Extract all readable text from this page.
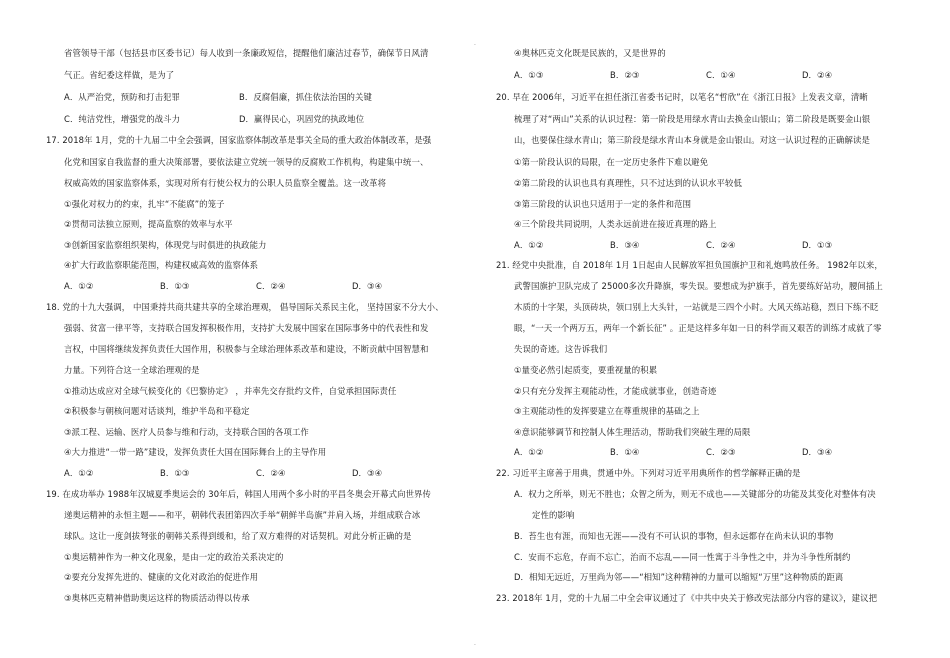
省管领导干部（包括县市区委书记）每人收到一条廉政短信，提醒他们廉洁过春节，确保节日风清
气正。省纪委这样做，是为了
A．从严治党，预防和打击犯罪	B．反腐倡廉，抓住依法治国的关键
C．纯洁党性，增强党的战斗力	D．赢得民心，巩固党的执政地位
17. 2018年 1月，党的十九届二中全会强调，国家监察体制改革是事关全局的重大政治体制改革，是强
化党和国家自我监督的重大决策部署，要依法建立党统一领导的反腐败工作机构，构建集中统一、
权威高效的国家监察体系，实现对所有行使公权力的公职人员监察全覆盖。这一改革将
①强化对权力的约束，扎牢“不能腐”的笼子
②贯彻司法独立原则，提高监察的效率与水平
③创新国家监察组织架构，体现党与时俱进的执政能力
④扩大行政监察职能范围，构建权威高效的监察体系
A．①②	B．①③	C．②④	D．③④
18. 党的十九大强调， 中国秉持共商共建共享的全球治理观， 倡导国际关系民主化， 坚持国家不分大小、
强弱、贫富一律平等，支持联合国发挥积极作用，支持扩大发展中国家在国际事务中的代表性和发
言权，中国将继续发挥负责任大国作用，积极参与全球治理体系改革和建设，不断贡献中国智慧和
力量。下列符合这一全球治理观的是
①推动达成应对全球气候变化的《巴黎协定》 ，并率先交存批约文件，自觉承担国际责任
②积极参与朝核问题对话谈判，维护半岛和平稳定
③派工程、运输、医疗人员参与维和行动，支持联合国的各项工作
④大力推进“一带一路”建设，发挥负责任大国在国际舞台上的主导作用
A．①②	B．①③	C．②④	D．③④
19. 在成功举办 1988年汉城夏季奥运会的 30年后，韩国人用两个多小时的平昌冬奥会开幕式向世界传
递奥运精神的永恒主题——和平，朝韩代表团第四次手举“朝鲜半岛旗”并肩入场，并组成联合冰
球队。这让一度剑拔弩张的朝韩关系得到缓和，给了双方难得的对话契机。对此分析正确的是
①奥运精神作为一种文化现象，是由一定的政治关系决定的
②要充分发挥先进的、健康的文化对政治的促进作用
③奥林匹克精神借助奥运这样的物质活动得以传承
④奥林匹克文化既是民族的，又是世界的
A．①③	B．②③	C．①④	D．②④
20. 早在 2006年，习近平在担任浙江省委书记时，以笔名“哲欣”在《浙江日报》上发表文章，清晰
梳理了对“两山”关系的认识过程：第一阶段是用绿水青山去换金山银山；第二阶段是既要金山银
山，也要保住绿水青山；第三阶段是绿水青山本身就是金山银山。对这一认识过程的正确解读是
①第一阶段认识的局限，在一定历史条件下难以避免
②第二阶段的认识也具有真理性，只不过达到的认识水平较低
③第三阶段的认识也只适用于一定的条件和范围
④三个阶段共同说明，人类永远前进在接近真理的路上
A．①②	B．③④	C．②④	D．①③
21. 经党中央批准，自 2018年 1月 1日起由人民解放军担负国旗护卫和礼炮鸣放任务。 1982年以来，
武警国旗护卫队完成了 25000多次升降旗，零失误。要想成为护旗手，首先要练好站功，腰间插上
木质的十字架，头顶砖块，领口别上大头针，一站就是三四个小时。大风天练站稳，烈日下练不眨
眼，“一天一个两万五，两年一个新长征” 。正是这样多年如一日的科学而又艰苦的训练才成就了零
失误的奇迹。这告诉我们
①量变必然引起质变，要重视量的积累
②只有充分发挥主观能动性，才能成就事业，创造奇迹
③主观能动性的发挥要建立在尊重规律的基础之上
④意识能够调节和控制人体生理活动，帮助我们突破生理的局限
A．①②	B．①④	C．②③	D．③④
22. 习近平主席善于用典，贯通中外。下列对习近平用典所作的哲学解释正确的是
A．权力之所举，则无不胜也；众智之所为，则无不成也——关键部分的功能及其变化对整体有决
定性的影响
B．苔生也有涯，而知也无涯——没有不可认识的事物，但永远都存在尚未认识的事物
C．安而不忘危，存而不忘亡，治而不忘乱——同一性寓于斗争性之中，并为斗争性所制约
D．相知无远近，万里尚为邻——“相知”这种精神的力量可以缩短“万里”这种物质的距离
23. 2018年 1月，党的十九届二中全会审议通过了《中共中央关于修改宪法部分内容的建议》，建议把
.
.
